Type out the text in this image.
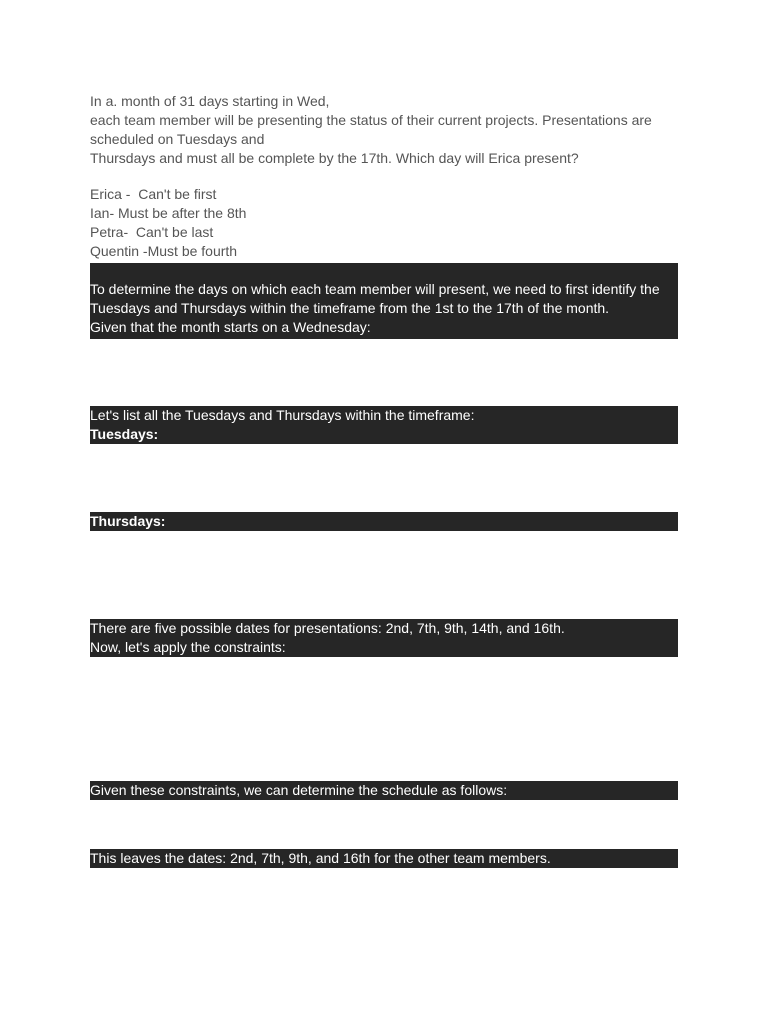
In a. month of 31 days starting in Wed,

each team member will be presenting the status of their current projects. Presentations are scheduled on Tuesdays and

Thursdays and must all be complete by the 17th. Which day will Erica present?

Erica -  Can't be first
Ian- Must be after the 8th
Petra-  Can't be last
Quentin -Must be fourth
To determine the days on which each team member will present, we need to first identify the Tuesdays and Thursdays within the timeframe from the 1st to the 17th of the month.
Given that the month starts on a Wednesday:
Let's list all the Tuesdays and Thursdays within the timeframe:
Tuesdays:
Thursdays:
There are five possible dates for presentations: 2nd, 7th, 9th, 14th, and 16th.
Now, let's apply the constraints:
Given these constraints, we can determine the schedule as follows:
This leaves the dates: 2nd, 7th, 9th, and 16th for the other team members.
